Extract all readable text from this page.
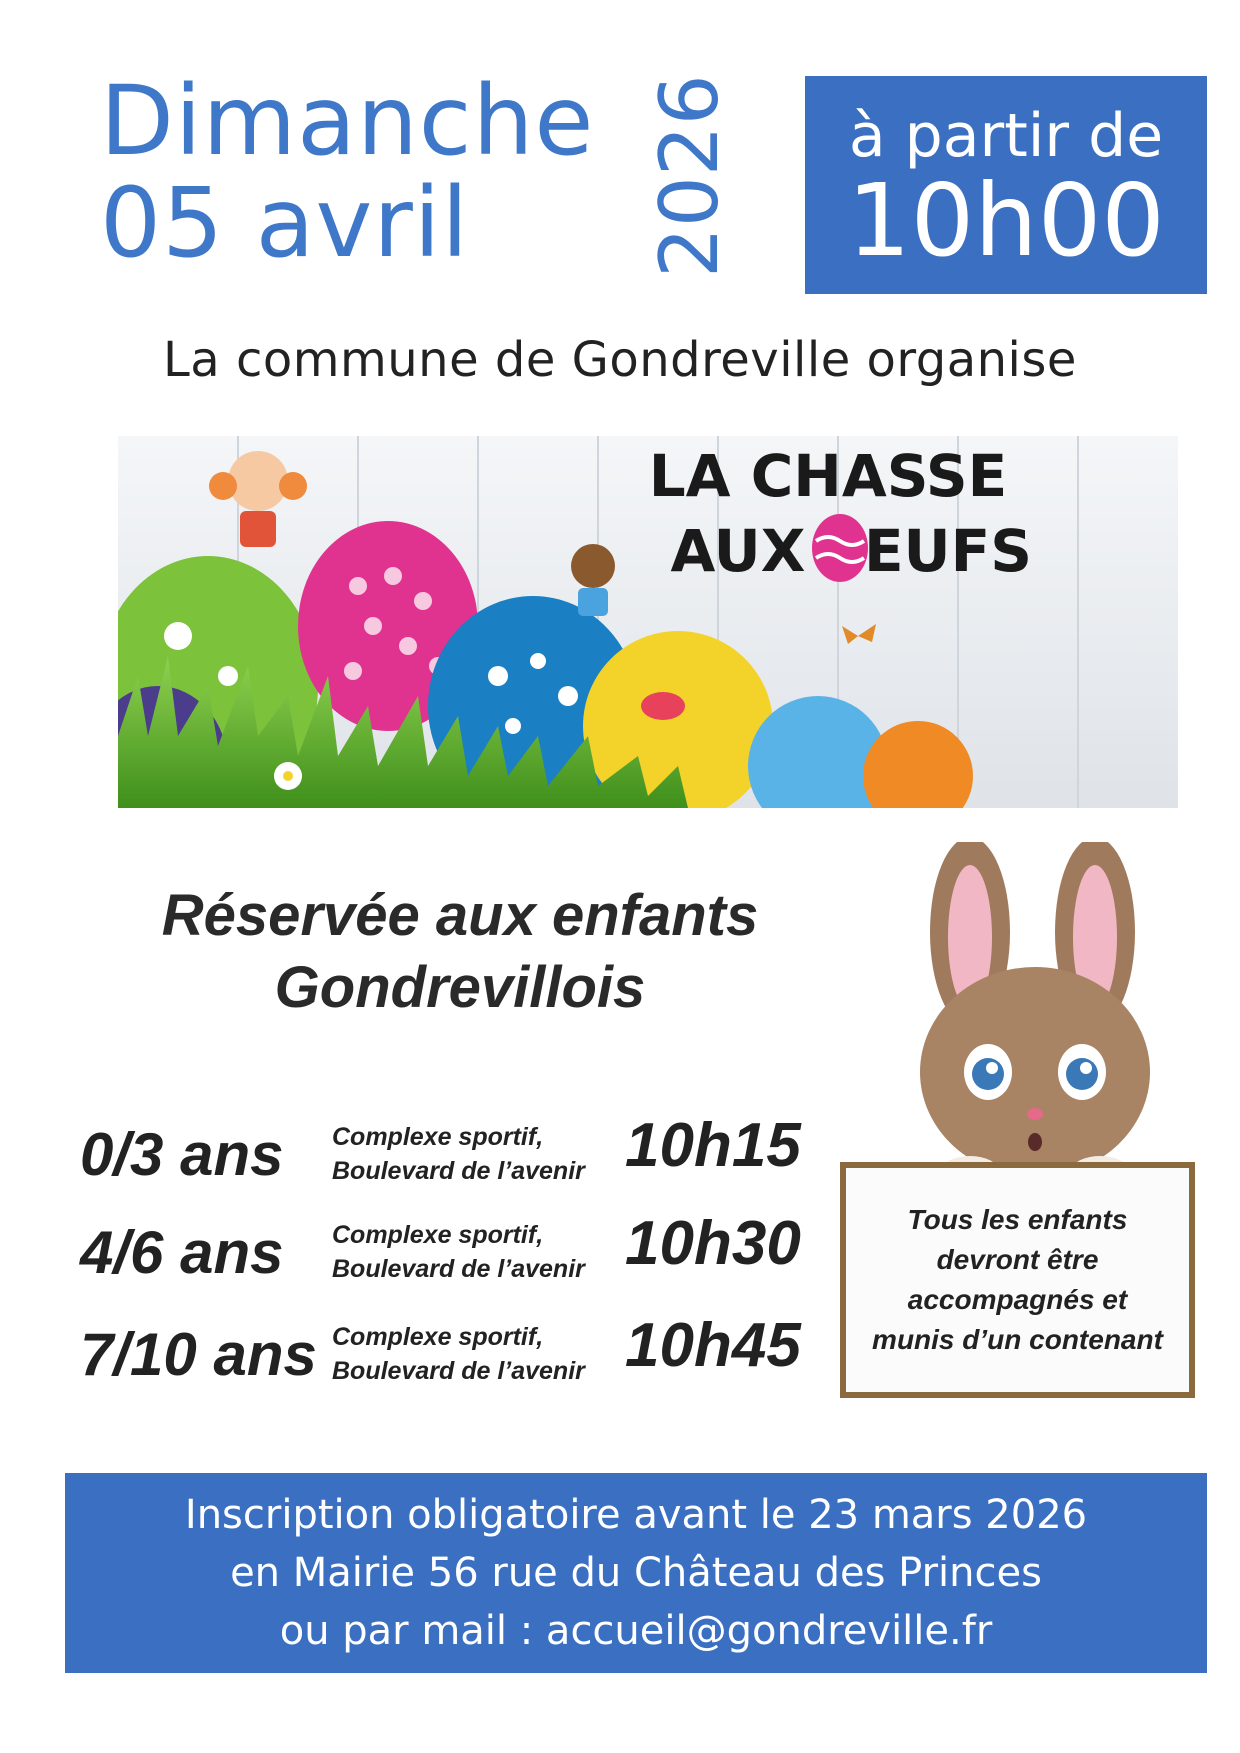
Dimanche
05 avril	2026	à partir de
10h00
La commune de Gondreville organise
LA CHASSE
AUX EUFS
Réservée aux enfants
Gondrevillois
0/3 ans Complexe sportif,
Boulevard de l’avenir 10h15
4/6 ans Complexe sportif,
Boulevard de l’avenir 10h30
7/10 ans Complexe sportif,
Boulevard de l’avenir 10h45
Tous les enfants
devront être
accompagnés et
munis d’un contenant
Inscription obligatoire avant le 23 mars 2026
en Mairie 56 rue du Château des Princes
ou par mail : accueil@gondreville.fr
